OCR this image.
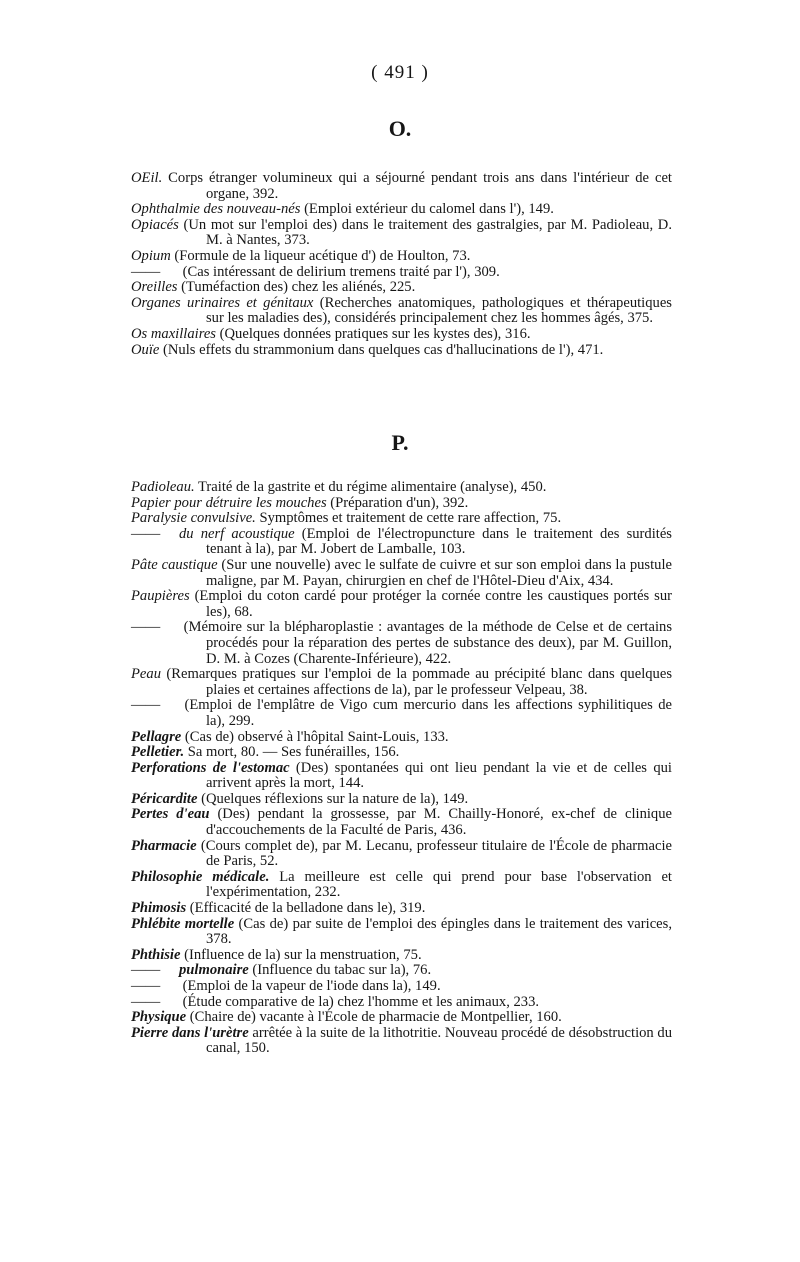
( 491 )
O.

OEil. Corps étranger volumineux qui a séjourné pendant trois ans dans l'intérieur de cet organe, 392.

Ophthalmie des nouveau-nés (Emploi extérieur du calomel dans l'), 149.

Opiacés (Un mot sur l'emploi des) dans le traitement des gastralgies, par M. Padioleau, D. M. à Nantes, 373.

Opium (Formule de la liqueur acétique d') de Houlton, 73.

—— (Cas intéressant de delirium tremens traité par l'), 309.

Oreilles (Tuméfaction des) chez les aliénés, 225.

Organes urinaires et génitaux (Recherches anatomiques, pathologiques et thérapeutiques sur les maladies des), considérés principalement chez les hommes âgés, 375.

Os maxillaires (Quelques données pratiques sur les kystes des), 316.

Ouïe (Nuls effets du strammonium dans quelques cas d'hallucinations de l'), 471.

P.

Padioleau. Traité de la gastrite et du régime alimentaire (analyse), 450.

Papier pour détruire les mouches (Préparation d'un), 392.

Paralysie convulsive. Symptômes et traitement de cette rare affection, 75.

—— du nerf acoustique (Emploi de l'électropuncture dans le traitement des surdités tenant à la), par M. Jobert de Lamballe, 103.

Pâte caustique (Sur une nouvelle) avec le sulfate de cuivre et sur son emploi dans la pustule maligne, par M. Payan, chirurgien en chef de l'Hôtel-Dieu d'Aix, 434.

Paupières (Emploi du coton cardé pour protéger la cornée contre les caustiques portés sur les), 68.

—— (Mémoire sur la blépharoplastie : avantages de la méthode de Celse et de certains procédés pour la réparation des pertes de substance des deux), par M. Guillon, D. M. à Cozes (Charente-Inférieure), 422.

Peau (Remarques pratiques sur l'emploi de la pommade au précipité blanc dans quelques plaies et certaines affections de la), par le professeur Velpeau, 38.

—— (Emploi de l'emplâtre de Vigo cum mercurio dans les affections syphilitiques de la), 299.

Pellagre (Cas de) observé à l'hôpital Saint-Louis, 133.

Pelletier. Sa mort, 80. — Ses funérailles, 156.

Perforations de l'estomac (Des) spontanées qui ont lieu pendant la vie et de celles qui arrivent après la mort, 144.

Péricardite (Quelques réflexions sur la nature de la), 149.

Pertes d'eau (Des) pendant la grossesse, par M. Chailly-Honoré, ex-chef de clinique d'accouchements de la Faculté de Paris, 436.

Pharmacie (Cours complet de), par M. Lecanu, professeur titulaire de l'École de pharmacie de Paris, 52.

Philosophie médicale. La meilleure est celle qui prend pour base l'observation et l'expérimentation, 232.

Phimosis (Efficacité de la belladone dans le), 319.

Phlébite mortelle (Cas de) par suite de l'emploi des épingles dans le traitement des varices, 378.

Phthisie (Influence de la) sur la menstruation, 75.

—— pulmonaire (Influence du tabac sur la), 76.

—— (Emploi de la vapeur de l'iode dans la), 149.

—— (Étude comparative de la) chez l'homme et les animaux, 233.

Physique (Chaire de) vacante à l'École de pharmacie de Montpellier, 160.

Pierre dans l'urètre arrêtée à la suite de la lithotritie. Nouveau procédé de désobstruction du canal, 150.
